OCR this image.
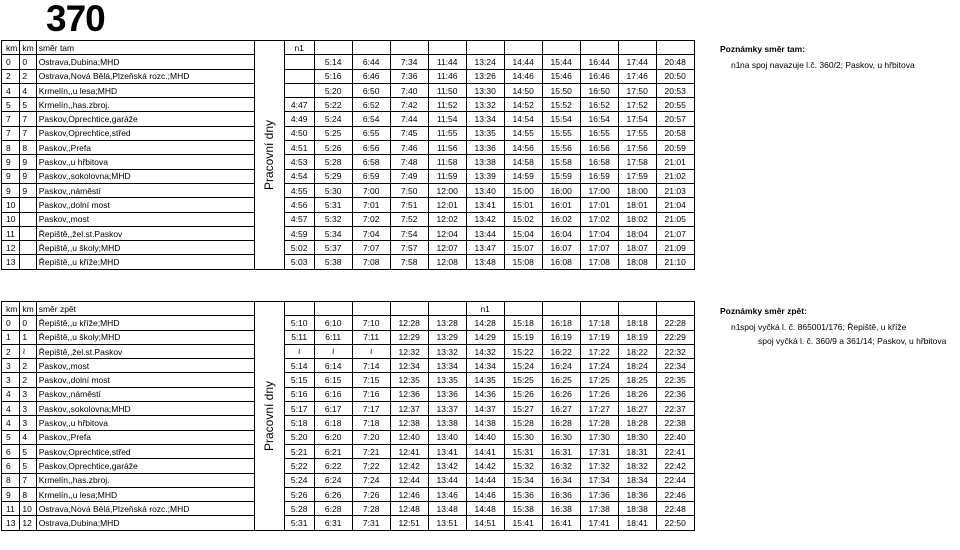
370
km	km	směr tam	Pracovní dny	n1										

0	0	Ostrava,Dubina;MHD			5:14	6:44	7:34	11:44	13:24	14:44	15:44	16:44	17:44	20:48
2	2	Ostrava,Nová Bělá,Plzeňská rozc.;MHD			5:16	6:46	7:36	11:46	13:26	14:46	15:46	16:46	17:46	20:50
4	4	Krmelín,,u lesa;MHD			5:20	6:50	7:40	11:50	13:30	14:50	15:50	16:50	17:50	20:53
5	5	Krmelín,,has.zbroj.		4:47	5:22	6:52	7:42	11:52	13:32	14:52	15:52	16:52	17:52	20:55
7	7	Paskov,Oprechtice,garáže		4:49	5:24	6:54	7:44	11:54	13:34	14:54	15:54	16:54	17:54	20:57
7	7	Paskov,Oprechtice,střed		4:50	5:25	6:55	7:45	11:55	13:35	14:55	15:55	16:55	17:55	20:58
8	8	Paskov,,Prefa		4:51	5:26	6:56	7:46	11:56	13:36	14:56	15:56	16:56	17:56	20:59
9	9	Paskov,,u hřbitova		4:53	5:28	6:58	7:48	11:58	13:38	14:58	15:58	16:58	17:58	21:01
9	9	Paskov,,sokolovna;MHD		4:54	5:29	6:59	7:49	11:59	13:39	14:59	15:59	16:59	17:59	21:02
9	9	Paskov,,náměstí		4:55	5:30	7:00	7:50	12:00	13:40	15:00	16:00	17:00	18:00	21:03
10		Paskov,,dolní most		4:56	5:31	7:01	7:51	12:01	13:41	15:01	16:01	17:01	18:01	21:04
10		Paskov,,most		4:57	5:32	7:02	7:52	12:02	13:42	15:02	16:02	17:02	18:02	21:05
11		Řepiště,,žel.st.Paskov		4:59	5:34	7:04	7:54	12:04	13:44	15:04	16:04	17:04	18:04	21:07
12		Řepiště,,u školy;MHD		5:02	5:37	7:07	7:57	12:07	13:47	15:07	16:07	17:07	18:07	21:09
13		Řepiště,,u kříže;MHD		5:03	5:38	7:08	7:58	12:08	13:48	15:08	16:08	17:08	18:08	21:10
km	km	směr zpět	Pracovní dny						n1					

0	0	Řepiště,,u kříže;MHD		5:10	6:10	7:10	12:28	13:28	14:28	15:18	16:18	17:18	18:18	22:28
1	1	Řepiště,,u školy;MHD		5:11	6:11	7:11	12:29	13:29	14:29	15:19	16:19	17:19	18:19	22:29
2	≀	Řepiště,,žel.st.Paskov		≀	≀	≀	12:32	13:32	14:32	15:22	16:22	17:22	18:22	22:32
3	2	Paskov,,most		5:14	6:14	7:14	12:34	13:34	14:34	15:24	16:24	17:24	18:24	22:34
3	2	Paskov,,dolní most		5:15	6:15	7:15	12:35	13:35	14:35	15:25	16:25	17:25	18:25	22:35
4	3	Paskov,,náměstí		5:16	6:16	7:16	12:36	13:36	14:36	15:26	16:26	17:26	18:26	22:36
4	3	Paskov,,sokolovna;MHD		5:17	6:17	7:17	12:37	13:37	14:37	15:27	16:27	17:27	18:27	22:37
4	3	Paskov,,u hřbitova		5:18	6:18	7:18	12:38	13:38	14:38	15:28	16:28	17:28	18:28	22:38
5	4	Paskov,,Prefa		5:20	6:20	7:20	12:40	13:40	14:40	15:30	16:30	17:30	18:30	22:40
6	5	Paskov,Oprechtice,střed		5:21	6:21	7:21	12:41	13:41	14:41	15:31	16:31	17:31	18:31	22:41
6	5	Paskov,Oprechtice,garáže		5:22	6:22	7:22	12:42	13:42	14:42	15:32	16:32	17:32	18:32	22:42
8	7	Krmelín,,has.zbroj.		5:24	6:24	7:24	12:44	13:44	14:44	15:34	16:34	17:34	18:34	22:44
9	8	Krmelín,,u lesa;MHD		5:26	6:26	7:26	12:46	13:46	14:46	15:36	16:36	17:36	18:36	22:46
11	10	Ostrava,Nová Bělá,Plzeňská rozc.;MHD		5:28	6:28	7:28	12:48	13:48	14:48	15:38	16:38	17:38	18:38	22:48
13	12	Ostrava,Dubina;MHD		5:31	6:31	7:31	12:51	13:51	14:51	15:41	16:41	17:41	18:41	22:50
Poznámky směr tam:
n1na spoj navazuje l.č. 360/2; Paskov, u hřbitova
Poznámky směr zpět:
n1spoj vyčká l. č. 865001/176; Řepiště, u kříže
spoj vyčká l. č. 360/9 a 361/14; Paskov, u hřbitova
